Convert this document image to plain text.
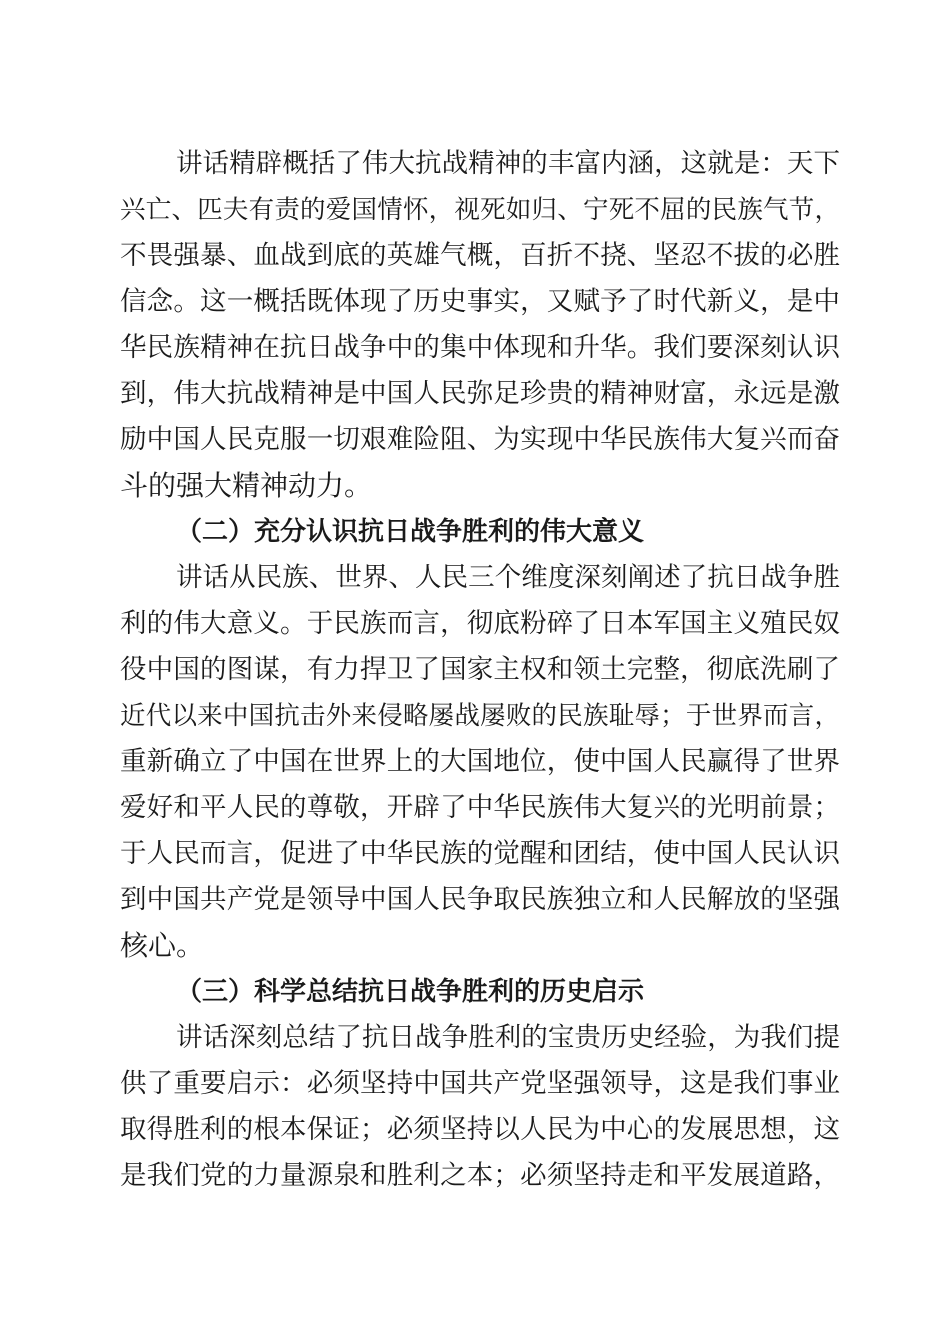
讲话精辟概括了伟大抗战精神的丰富内涵，这就是：天下

兴亡、匹夫有责的爱国情怀，视死如归、宁死不屈的民族气节，

不畏强暴、血战到底的英雄气概，百折不挠、坚忍不拔的必胜

信念。这一概括既体现了历史事实，又赋予了时代新义，是中

华民族精神在抗日战争中的集中体现和升华。我们要深刻认识

到，伟大抗战精神是中国人民弥足珍贵的精神财富，永远是激

励中国人民克服一切艰难险阻、为实现中华民族伟大复兴而奋

斗的强大精神动力。

（二）充分认识抗日战争胜利的伟大意义

讲话从民族、世界、人民三个维度深刻阐述了抗日战争胜

利的伟大意义。于民族而言，彻底粉碎了日本军国主义殖民奴

役中国的图谋，有力捍卫了国家主权和领土完整，彻底洗刷了

近代以来中国抗击外来侵略屡战屡败的民族耻辱；于世界而言，

重新确立了中国在世界上的大国地位，使中国人民赢得了世界

爱好和平人民的尊敬，开辟了中华民族伟大复兴的光明前景；

于人民而言，促进了中华民族的觉醒和团结，使中国人民认识

到中国共产党是领导中国人民争取民族独立和人民解放的坚强

核心。

（三）科学总结抗日战争胜利的历史启示

讲话深刻总结了抗日战争胜利的宝贵历史经验，为我们提

供了重要启示：必须坚持中国共产党坚强领导，这是我们事业

取得胜利的根本保证；必须坚持以人民为中心的发展思想，这

是我们党的力量源泉和胜利之本；必须坚持走和平发展道路，
